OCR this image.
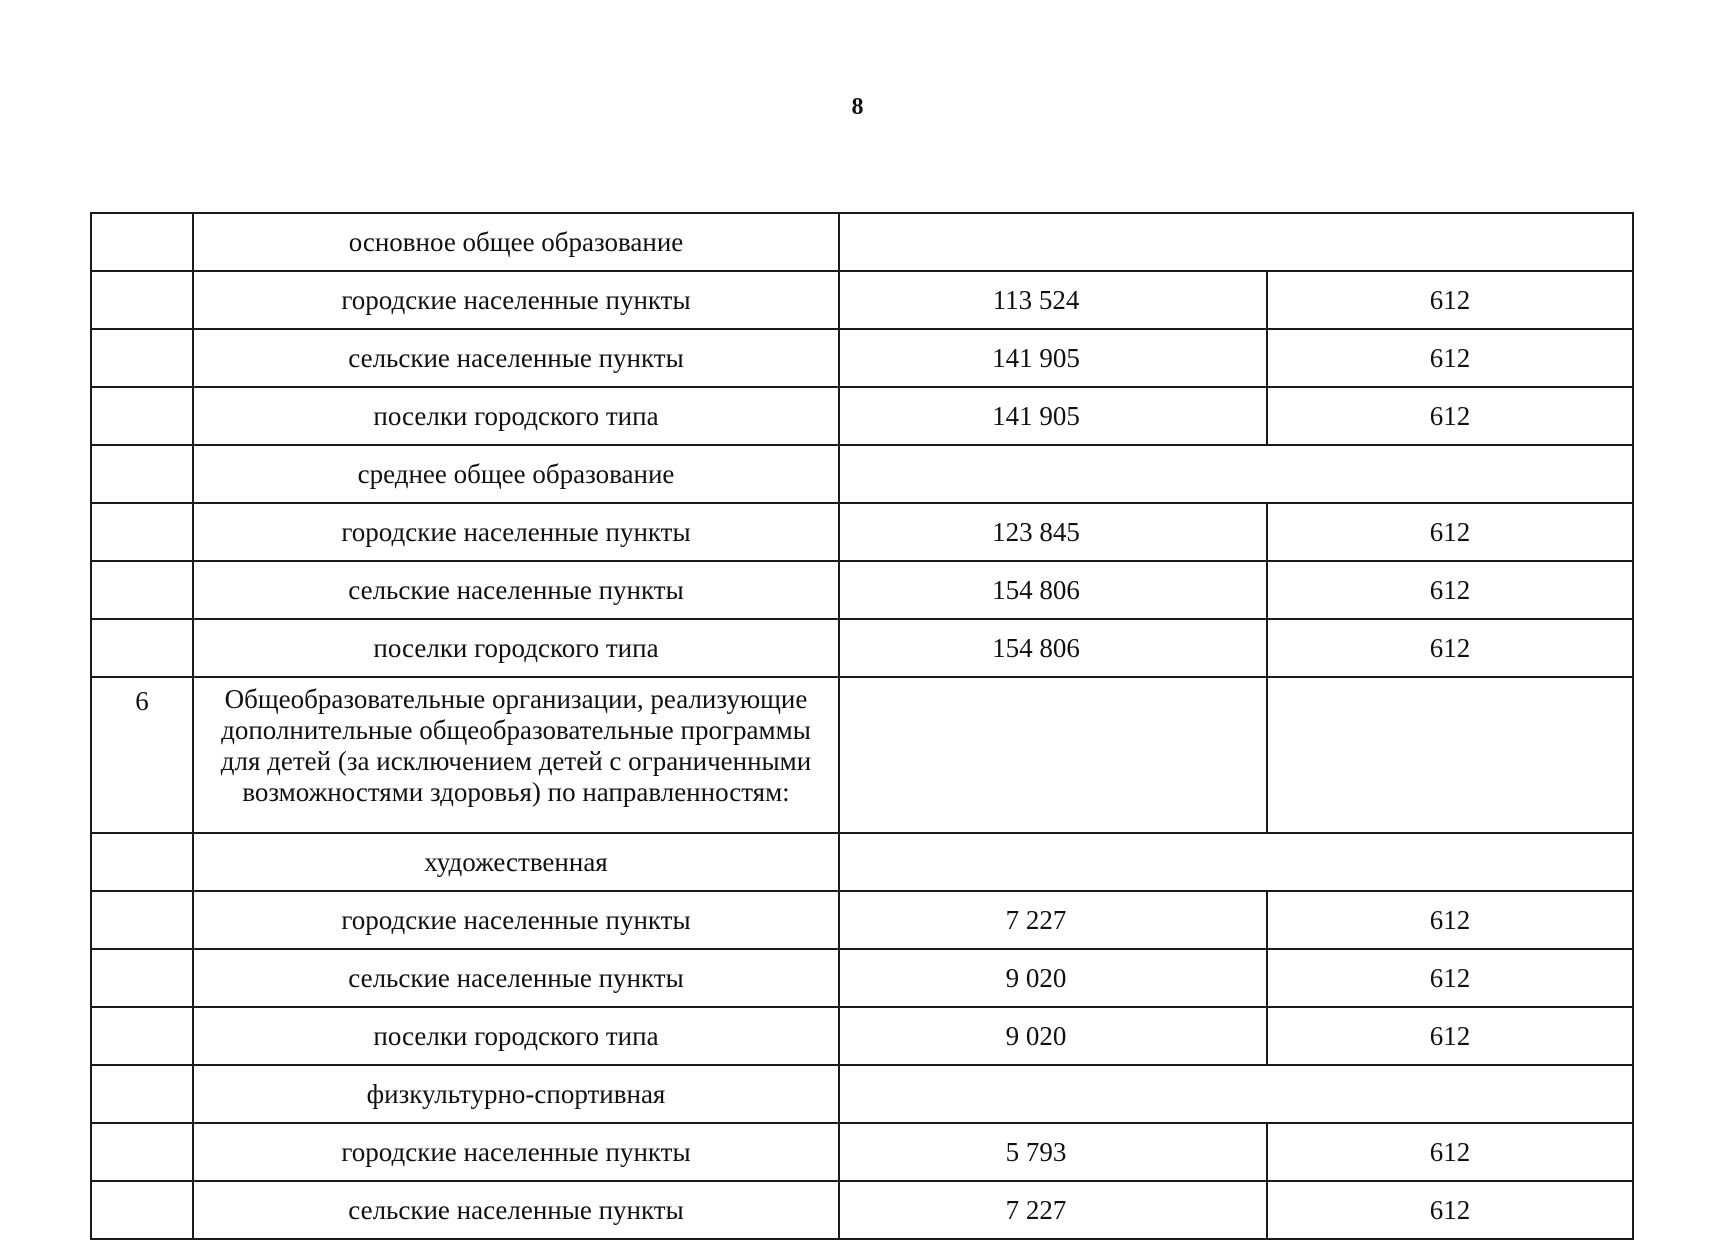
8
	основное общее образование		
	городские населенные пункты	113 524	612
	сельские населенные пункты	141 905	612
	поселки городского типа	141 905	612
	среднее общее образование		
	городские населенные пункты	123 845	612
	сельские населенные пункты	154 806	612
	поселки городского типа	154 806	612
6	Общеобразовательные организации, реализующие дополнительные общеобразовательные программы для детей (за исключением детей с ограниченными возможностями здоровья) по направленностям:		
	художественная		
	городские населенные пункты	7 227	612
	сельские населенные пункты	9 020	612
	поселки городского типа	9 020	612
	физкультурно-спортивная		
	городские населенные пункты	5 793	612
	сельские населенные пункты	7 227	612
